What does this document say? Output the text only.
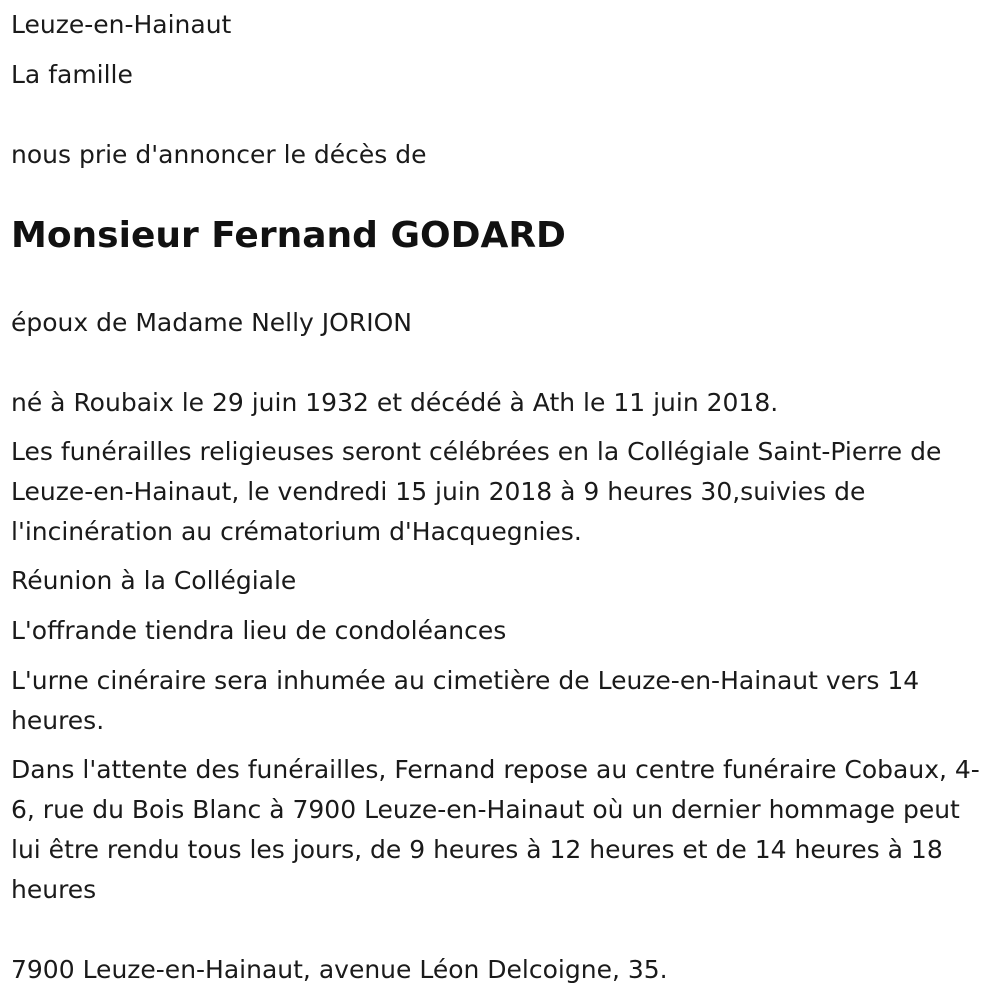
Leuze-en-Hainaut

La famille

nous prie d'annoncer le décès de

Monsieur Fernand GODARD

époux de Madame Nelly JORION

né à Roubaix le 29 juin 1932 et décédé à Ath le 11 juin 2018.

Les funérailles religieuses seront célébrées en la Collégiale Saint-Pierre de Leuze-en-Hainaut, le vendredi 15 juin 2018 à 9 heures 30,suivies de l'incinération au crématorium d'Hacquegnies.

Réunion à la Collégiale

L'offrande tiendra lieu de condoléances

L'urne cinéraire sera inhumée au cimetière de Leuze-en-Hainaut vers 14 heures.

Dans l'attente des funérailles, Fernand repose au centre funéraire Cobaux, 4-6, rue du Bois Blanc à 7900 Leuze-en-Hainaut où un dernier hommage peut lui être rendu tous les jours, de 9 heures à 12 heures et de 14 heures à 18 heures

7900 Leuze-en-Hainaut, avenue Léon Delcoigne, 35.
